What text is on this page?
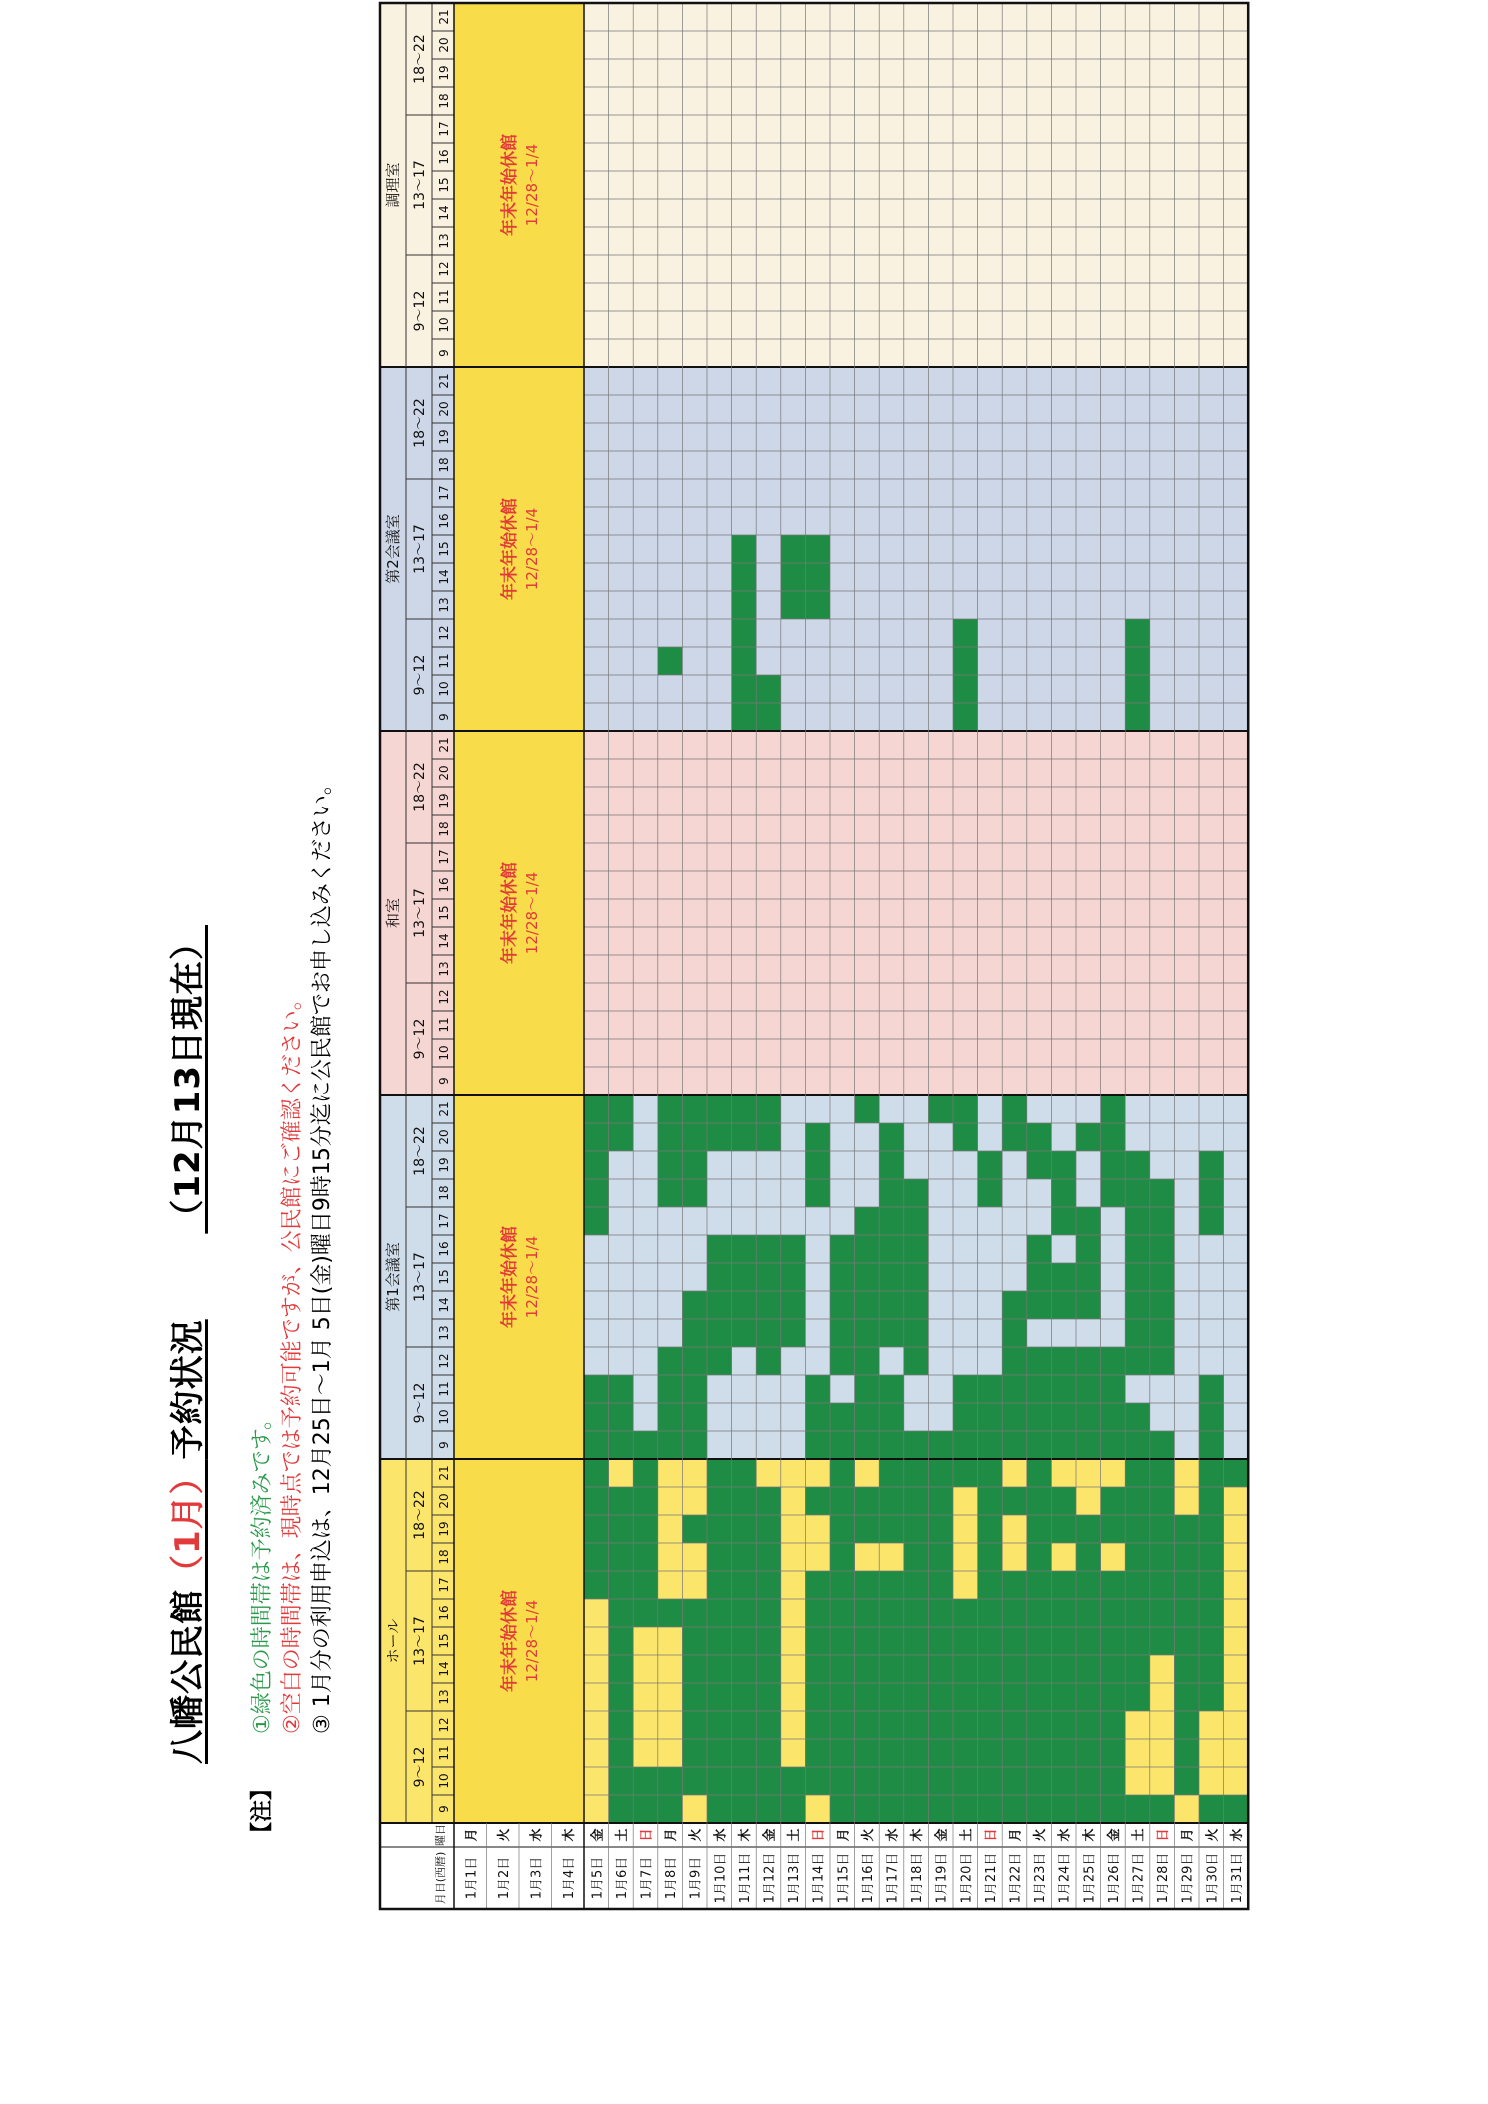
八幡公民館（1月）予約状況  （12月13日現在）
【注】
①緑色の時間帯は予約済みです。 ②空白の時間帯は、現時点では予約可能ですが、公民館にご確認ください。 ③ 1月分の利用申込は、12月25日～1月 5日(金)曜日9時15分迄に公民館でお申し込みください。	ホール
9～12
13～17
18～22
9
10
11
12
13
14
15
16
17
18
19
20
21
年末年始休館 12/28～1/4
第1会議室
9～12
13～17
18～22
9
10
11
12
13
14
15
16
17
18
19
20
21
年末年始休館 12/28～1/4
和室
9～12
13～17
18～22
9
10
11
12
13
14
15
16
17
18
19
20
21
年末年始休館 12/28～1/4
第2会議室
9～12
13～17
18～22
9
10
11
12
13
14
15
16
17
18
19
20
21
年末年始休館 12/28～1/4
調理室
9～12
13～17
18～22
9
10
11
12
13
14
15
16
17
18
19
20
21
年末年始休館 12/28～1/4
月日(西暦)
曜日
1月1日
月
1月2日
火
1月3日
水
1月4日
木
1月5日
金
1月6日
土
1月7日
日
1月8日
月
1月9日
火
1月10日
水
1月11日
木
1月12日
金
1月13日
土
1月14日
日
1月15日
月
1月16日
火
1月17日
水
1月18日
木
1月19日
金
1月20日
土
1月21日
日
1月22日
月
1月23日
火
1月24日
水
1月25日
木
1月26日
金
1月27日
土
1月28日
日
1月29日
月
1月30日
火
1月31日
水
